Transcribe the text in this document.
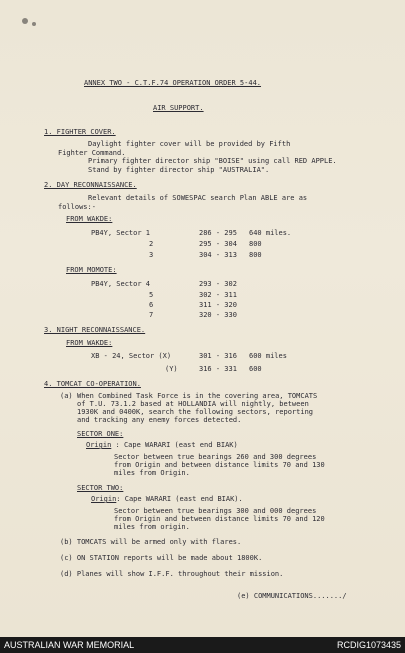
ANNEX TWO - C.T.F.74 OPERATION ORDER 5-44.
AIR SUPPORT.
1. FIGHTER COVER.
Daylight fighter cover will be provided by Fifth
Fighter Command.
Primary fighter director ship "BOISE" using call RED APPLE.
Stand by fighter director ship "AUSTRALIA".
2. DAY RECONNAISSANCE.
Relevant details of SOWESPAC search Plan ABLE are as
follows:-
FROM WAKDE:
PB4Y, Sector 1	286 - 295 640 miles.
2	295 - 304 800
3	304 - 313 800
FROM MOMOTE:
PB4Y, Sector 4	293 - 302
5	302 - 311
6	311 - 320
7	320 - 330
3. NIGHT RECONNAISSANCE.
FROM WAKDE:
XB - 24, Sector (X)	301 - 316 600 miles
(Y)	316 - 331 600
4. TOMCAT CO-OPERATION.
(a) When Combined Task Force is in the covering area, TOMCATS
of T.U. 73.1.2 based at HOLLANDIA will nightly, between
1930K and 0400K, search the following sectors, reporting
and tracking any enemy forces detected.
SECTOR ONE:
Origin : Cape WARARI (east end BIAK)
Sector between true bearings 260 and 300 degrees
from Origin and between distance limits 70 and 130
miles from Origin.
SECTOR TWO:
Origin: Cape WARARI (east end BIAK).
Sector between true bearings 300 and 000 degrees
from Origin and between distance limits 70 and 120
miles from origin.
(b) TOMCATS will be armed only with flares.
(c) ON STATION reports will be made about 1800K.
(d) Planes will show I.F.F. throughout their mission.
(e) COMMUNICATIONS......./
AUSTRALIAN WAR MEMORIAL	RCDIG1073435
